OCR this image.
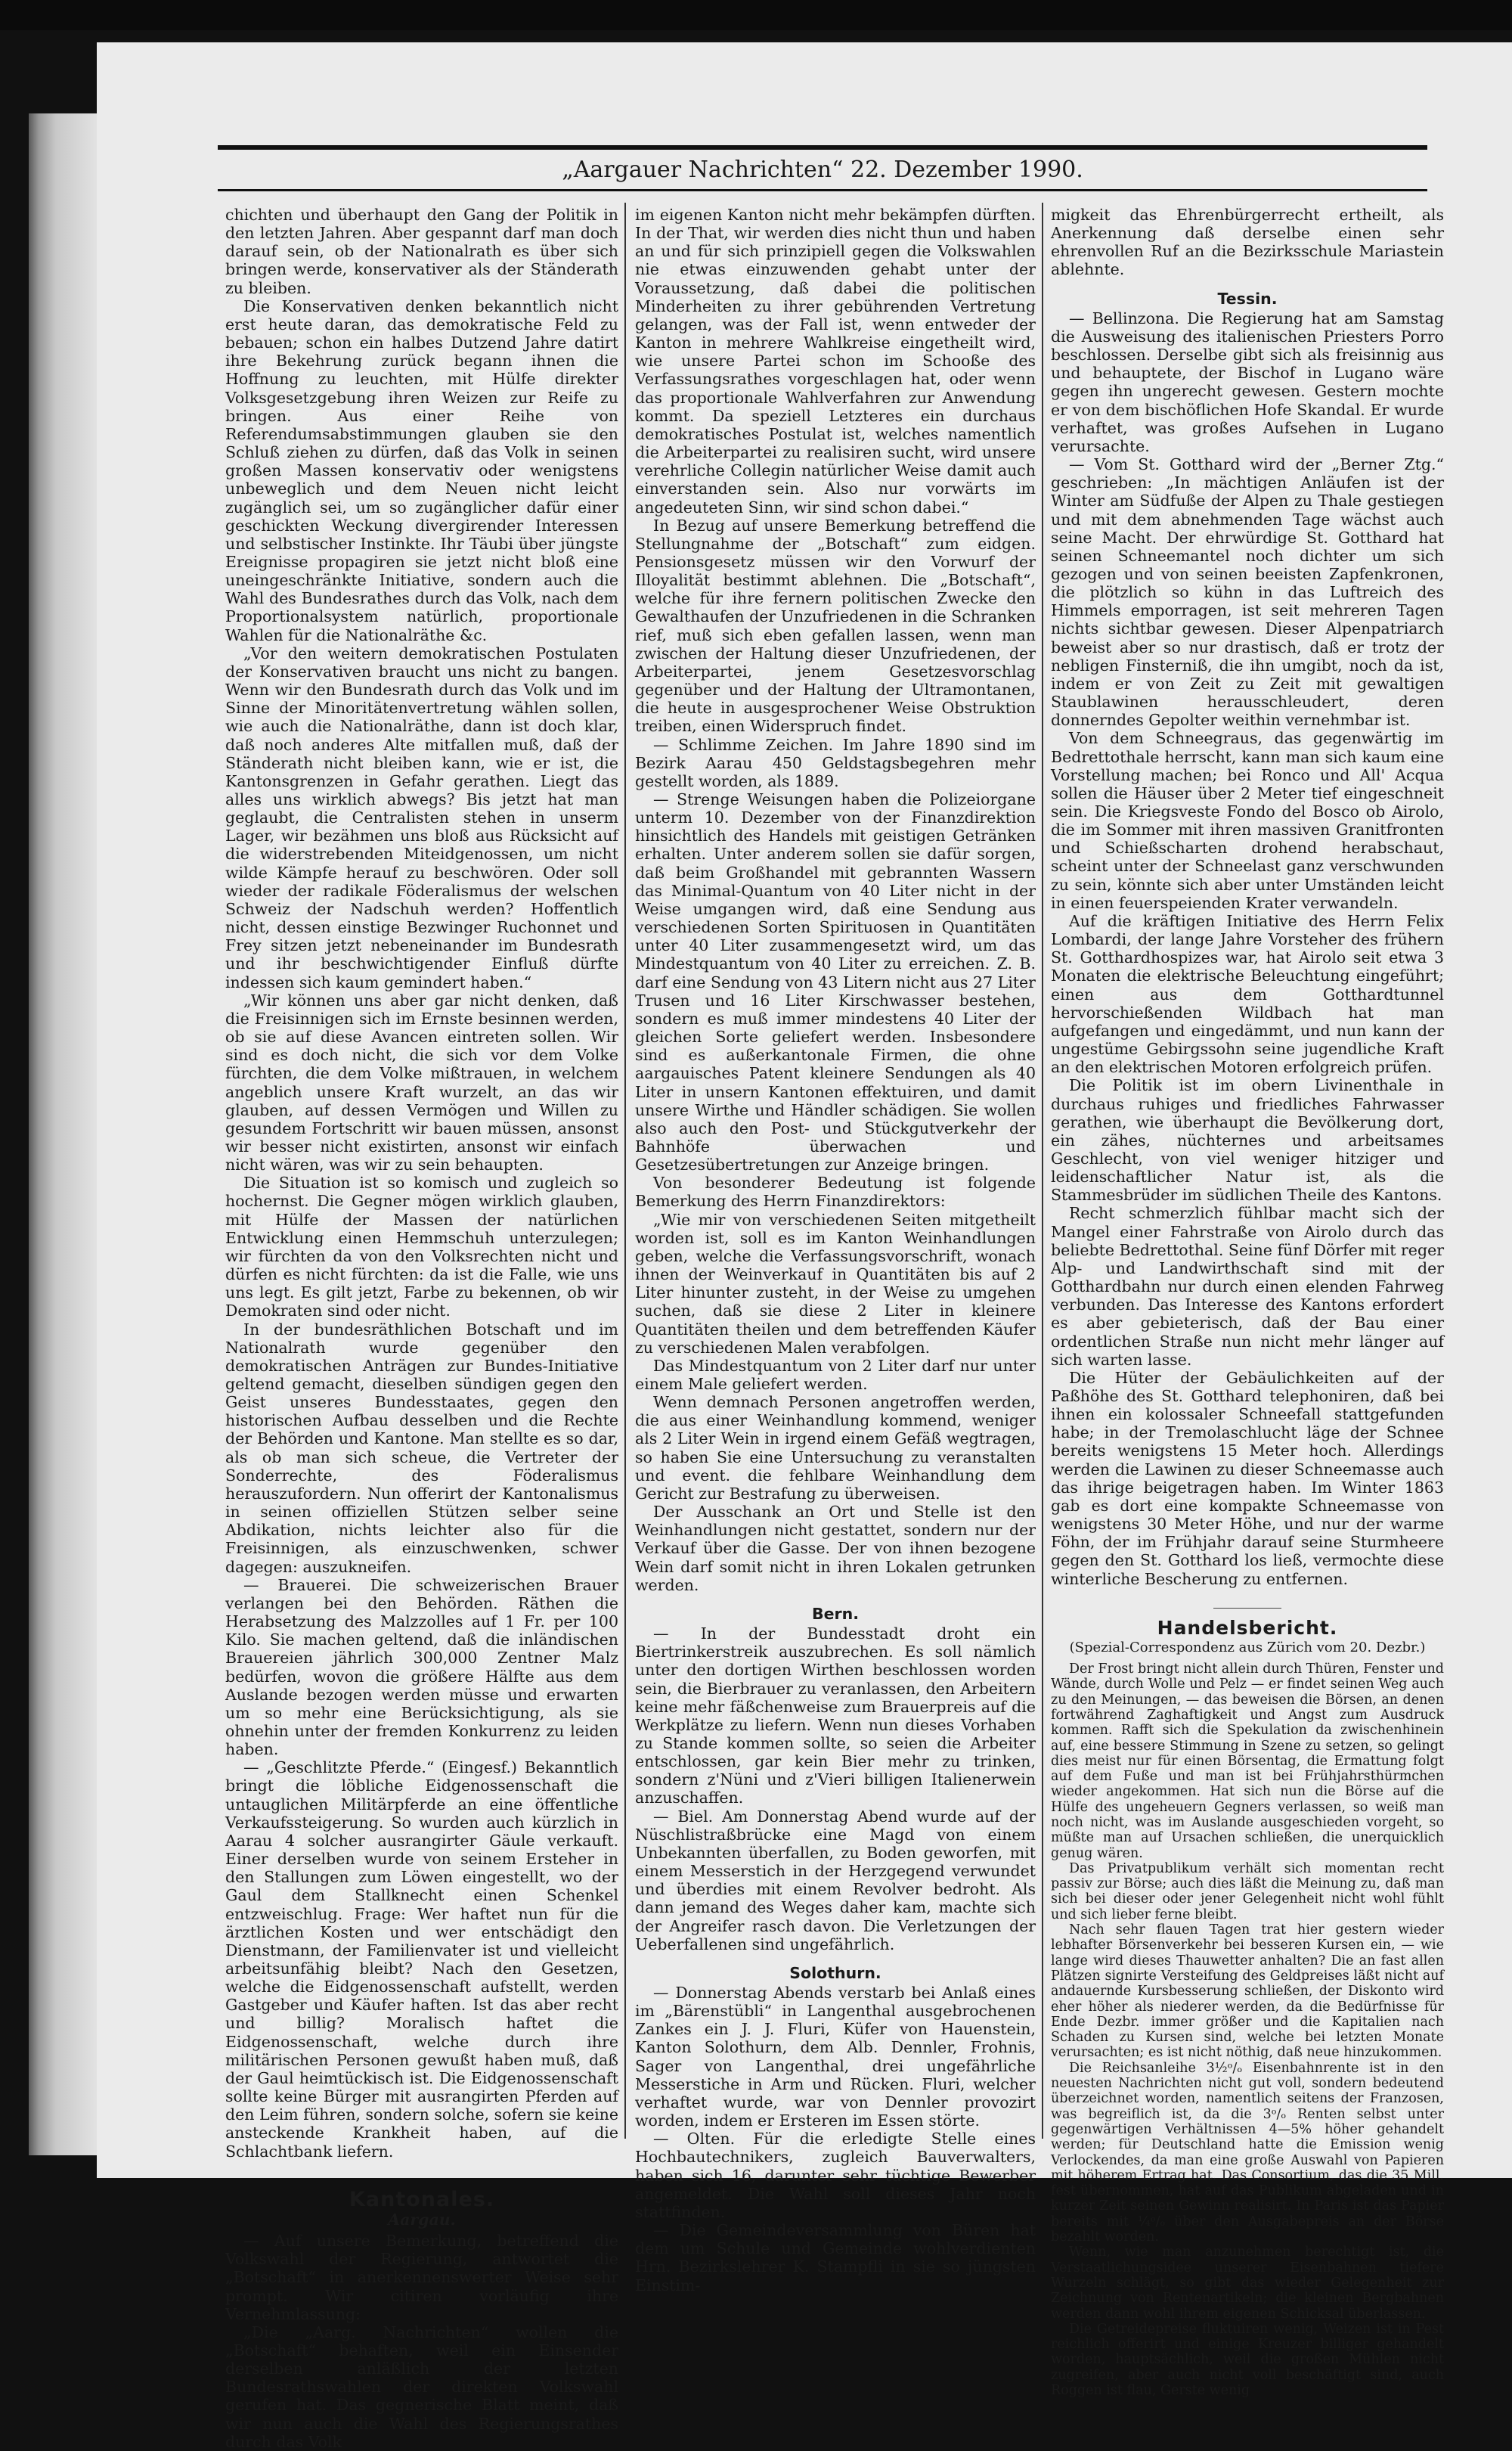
„Aargauer Nachrichten“ 22. Dezember 1990.

chichten und überhaupt den Gang der Politik in den letzten Jahren. Aber gespannt darf man doch darauf sein, ob der Nationalrath es über sich bringen werde, konservativer als der Ständerath zu bleiben.

Die Konservativen denken bekanntlich nicht erst heute daran, das demokratische Feld zu bebauen; schon ein halbes Dutzend Jahre datirt ihre Bekehrung zurück begann ihnen die Hoffnung zu leuchten, mit Hülfe direkter Volksgesetzgebung ihren Weizen zur Reife zu bringen. Aus einer Reihe von Referendumsabstimmungen glauben sie den Schluß ziehen zu dürfen, daß das Volk in seinen großen Massen konservativ oder wenigstens unbeweglich und dem Neuen nicht leicht zugänglich sei, um so zugänglicher dafür einer geschickten Weckung divergirender Interessen und selbstischer Instinkte. Ihr Täubi über jüngste Ereignisse propagiren sie jetzt nicht bloß eine uneingeschränkte Initiative, sondern auch die Wahl des Bundesrathes durch das Volk, nach dem Proportionalsystem natürlich, proportionale Wahlen für die Nationalräthe &c.

„Vor den weitern demokratischen Postulaten der Konservativen braucht uns nicht zu bangen. Wenn wir den Bundesrath durch das Volk und im Sinne der Minoritätenvertretung wählen sollen, wie auch die Nationalräthe, dann ist doch klar, daß noch anderes Alte mitfallen muß, daß der Ständerath nicht bleiben kann, wie er ist, die Kantonsgrenzen in Gefahr gerathen. Liegt das alles uns wirklich abwegs? Bis jetzt hat man geglaubt, die Centralisten stehen in unserm Lager, wir bezähmen uns bloß aus Rücksicht auf die widerstrebenden Miteidgenossen, um nicht wilde Kämpfe herauf zu beschwören. Oder soll wieder der radikale Föderalismus der welschen Schweiz der Nadschuh werden? Hoffentlich nicht, dessen einstige Bezwinger Ruchonnet und Frey sitzen jetzt nebeneinander im Bundesrath und ihr beschwichtigender Einfluß dürfte indessen sich kaum gemindert haben.“

„Wir können uns aber gar nicht denken, daß die Freisinnigen sich im Ernste besinnen werden, ob sie auf diese Avancen eintreten sollen. Wir sind es doch nicht, die sich vor dem Volke fürchten, die dem Volke mißtrauen, in welchem angeblich unsere Kraft wurzelt, an das wir glauben, auf dessen Vermögen und Willen zu gesundem Fortschritt wir bauen müssen, ansonst wir besser nicht existirten, ansonst wir einfach nicht wären, was wir zu sein behaupten.

Die Situation ist so komisch und zugleich so hochernst. Die Gegner mögen wirklich glauben, mit Hülfe der Massen der natürlichen Entwicklung einen Hemmschuh unterzulegen; wir fürchten da von den Volksrechten nicht und dürfen es nicht fürchten: da ist die Falle, wie uns uns legt. Es gilt jetzt, Farbe zu bekennen, ob wir Demokraten sind oder nicht.

In der bundesräthlichen Botschaft und im Nationalrath wurde gegenüber den demokratischen Anträgen zur Bundes-Initiative geltend gemacht, dieselben sündigen gegen den Geist unseres Bundesstaates, gegen den historischen Aufbau desselben und die Rechte der Behörden und Kantone. Man stellte es so dar, als ob man sich scheue, die Vertreter der Sonderrechte, des Föderalismus herauszufordern. Nun offerirt der Kantonalismus in seinen offiziellen Stützen selber seine Abdikation, nichts leichter also für die Freisinnigen, als einzuschwenken, schwer dagegen: auszukneifen.

— Brauerei. Die schweizerischen Brauer verlangen bei den Behörden. Räthen die Herabsetzung des Malzzolles auf 1 Fr. per 100 Kilo. Sie machen geltend, daß die inländischen Brauereien jährlich 300,000 Zentner Malz bedürfen, wovon die größere Hälfte aus dem Auslande bezogen werden müsse und erwarten um so mehr eine Berücksichtigung, als sie ohnehin unter der fremden Konkurrenz zu leiden haben.

— „Geschlitzte Pferde.“ (Eingesf.) Bekanntlich bringt die löbliche Eidgenossenschaft die untauglichen Militärpferde an eine öffentliche Verkaufssteigerung. So wurden auch kürzlich in Aarau 4 solcher ausrangirter Gäule verkauft. Einer derselben wurde von seinem Ersteher in den Stallungen zum Löwen eingestellt, wo der Gaul dem Stallknecht einen Schenkel entzweischlug. Frage: Wer haftet nun für die ärztlichen Kosten und wer entschädigt den Dienstmann, der Familienvater ist und vielleicht arbeitsunfähig bleibt? Nach den Gesetzen, welche die Eidgenossenschaft aufstellt, werden Gastgeber und Käufer haften. Ist das aber recht und billig? Moralisch haftet die Eidgenossenschaft, welche durch ihre militärischen Personen gewußt haben muß, daß der Gaul heimtückisch ist. Die Eidgenossenschaft sollte keine Bürger mit ausrangirten Pferden auf den Leim führen, sondern solche, sofern sie keine ansteckende Krankheit haben, auf die Schlachtbank liefern.

Kantonales.
Aargau.

— Auf unsere Bemerkung, betreffend die Volkswahl der Regierung, antwortet die „Botschaft“ in anerkennenswerter Weise sehr prompt. Wir citiren vorläufig ihre Vernehmlassung:

„Die „Aarg. Nachrichten“ wollen die „Botschaft“ behaften, weil ein Einsender derselben anläßlich der letzten Bundesrathswahlen der direkten Volkswahl gerufen hat. Das gegnerische Blatt meint, daß wir nun auch die Wahl des Regierungsrathes durch das Volk

im eigenen Kanton nicht mehr bekämpfen dürften. In der That, wir werden dies nicht thun und haben an und für sich prinzipiell gegen die Volkswahlen nie etwas einzuwenden gehabt unter der Voraussetzung, daß dabei die politischen Minderheiten zu ihrer gebührenden Vertretung gelangen, was der Fall ist, wenn entweder der Kanton in mehrere Wahlkreise eingetheilt wird, wie unsere Partei schon im Schooße des Verfassungsrathes vorgeschlagen hat, oder wenn das proportionale Wahlverfahren zur Anwendung kommt. Da speziell Letzteres ein durchaus demokratisches Postulat ist, welches namentlich die Arbeiterpartei zu realisiren sucht, wird unsere verehrliche Collegin natürlicher Weise damit auch einverstanden sein. Also nur vorwärts im angedeuteten Sinn, wir sind schon dabei.“

In Bezug auf unsere Bemerkung betreffend die Stellungnahme der „Botschaft“ zum eidgen. Pensionsgesetz müssen wir den Vorwurf der Illoyalität bestimmt ablehnen. Die „Botschaft“, welche für ihre fernern politischen Zwecke den Gewalthaufen der Unzufriedenen in die Schranken rief, muß sich eben gefallen lassen, wenn man zwischen der Haltung dieser Unzufriedenen, der Arbeiterpartei, jenem Gesetzesvorschlag gegenüber und der Haltung der Ultramontanen, die heute in ausgesprochener Weise Obstruktion treiben, einen Widerspruch findet.

— Schlimme Zeichen. Im Jahre 1890 sind im Bezirk Aarau 450 Geldstagsbegehren mehr gestellt worden, als 1889.

— Strenge Weisungen haben die Polizeiorgane unterm 10. Dezember von der Finanzdirektion hinsichtlich des Handels mit geistigen Getränken erhalten. Unter anderem sollen sie dafür sorgen, daß beim Großhandel mit gebrannten Wassern das Minimal-Quantum von 40 Liter nicht in der Weise umgangen wird, daß eine Sendung aus verschiedenen Sorten Spirituosen in Quantitäten unter 40 Liter zusammengesetzt wird, um das Mindestquantum von 40 Liter zu erreichen. Z. B. darf eine Sendung von 43 Litern nicht aus 27 Liter Trusen und 16 Liter Kirschwasser bestehen, sondern es muß immer mindestens 40 Liter der gleichen Sorte geliefert werden. Insbesondere sind es außerkantonale Firmen, die ohne aargauisches Patent kleinere Sendungen als 40 Liter in unsern Kantonen effektuiren, und damit unsere Wirthe und Händler schädigen. Sie wollen also auch den Post- und Stückgutverkehr der Bahnhöfe überwachen und Gesetzesübertretungen zur Anzeige bringen.

Von besonderer Bedeutung ist folgende Bemerkung des Herrn Finanzdirektors:

„Wie mir von verschiedenen Seiten mitgetheilt worden ist, soll es im Kanton Weinhandlungen geben, welche die Verfassungsvorschrift, wonach ihnen der Weinverkauf in Quantitäten bis auf 2 Liter hinunter zusteht, in der Weise zu umgehen suchen, daß sie diese 2 Liter in kleinere Quantitäten theilen und dem betreffenden Käufer zu verschiedenen Malen verabfolgen.

Das Mindestquantum von 2 Liter darf nur unter einem Male geliefert werden.

Wenn demnach Personen angetroffen werden, die aus einer Weinhandlung kommend, weniger als 2 Liter Wein in irgend einem Gefäß wegtragen, so haben Sie eine Untersuchung zu veranstalten und event. die fehlbare Weinhandlung dem Gericht zur Bestrafung zu überweisen.

Der Ausschank an Ort und Stelle ist den Weinhandlungen nicht gestattet, sondern nur der Verkauf über die Gasse. Der von ihnen bezogene Wein darf somit nicht in ihren Lokalen getrunken werden.

Bern.

— In der Bundesstadt droht ein Biertrinkerstreik auszubrechen. Es soll nämlich unter den dortigen Wirthen beschlossen worden sein, die Bierbrauer zu veranlassen, den Arbeitern keine mehr fäßchenweise zum Brauerpreis auf die Werkplätze zu liefern. Wenn nun dieses Vorhaben zu Stande kommen sollte, so seien die Arbeiter entschlossen, gar kein Bier mehr zu trinken, sondern z'Nüni und z'Vieri billigen Italienerwein anzuschaffen.

— Biel. Am Donnerstag Abend wurde auf der Nüschlistraßbrücke eine Magd von einem Unbekannten überfallen, zu Boden geworfen, mit einem Messerstich in der Herzgegend verwundet und überdies mit einem Revolver bedroht. Als dann jemand des Weges daher kam, machte sich der Angreifer rasch davon. Die Verletzungen der Ueberfallenen sind ungefährlich.

Solothurn.

— Donnerstag Abends verstarb bei Anlaß eines im „Bärenstübli“ in Langenthal ausgebrochenen Zankes ein J. J. Fluri, Küfer von Hauenstein, Kanton Solothurn, dem Alb. Dennler, Frohnis, Sager von Langenthal, drei ungefährliche Messerstiche in Arm und Rücken. Fluri, welcher verhaftet wurde, war von Dennler provozirt worden, indem er Ersteren im Essen störte.

— Olten. Für die erledigte Stelle eines Hochbautechnikers, zugleich Bauverwalters, haben sich 16, darunter sehr tüchtige Bewerber angemeldet. Die Wahl soll dieses Jahr noch stattfinden.

— Die Gemeindeversammlung von Büren hat dem um Schule und Gemeinde wohlverdienten Hrn. Bezirkslehrer K. Stampfli in sie so jüngsten Einstim-

migkeit das Ehrenbürgerrecht ertheilt, als Anerkennung daß derselbe einen sehr ehrenvollen Ruf an die Bezirksschule Mariastein ablehnte.

Tessin.

— Bellinzona. Die Regierung hat am Samstag die Ausweisung des italienischen Priesters Porro beschlossen. Derselbe gibt sich als freisinnig aus und behauptete, der Bischof in Lugano wäre gegen ihn ungerecht gewesen. Gestern mochte er von dem bischöflichen Hofe Skandal. Er wurde verhaftet, was großes Aufsehen in Lugano verursachte.

— Vom St. Gotthard wird der „Berner Ztg.“ geschrieben: „In mächtigen Anläufen ist der Winter am Südfuße der Alpen zu Thale gestiegen und mit dem abnehmenden Tage wächst auch seine Macht. Der ehrwürdige St. Gotthard hat seinen Schneemantel noch dichter um sich gezogen und von seinen beeisten Zapfenkronen, die plötzlich so kühn in das Luftreich des Himmels emporragen, ist seit mehreren Tagen nichts sichtbar gewesen. Dieser Alpenpatriarch beweist aber so nur drastisch, daß er trotz der nebligen Finsterniß, die ihn umgibt, noch da ist, indem er von Zeit zu Zeit mit gewaltigen Staublawinen herausschleudert, deren donnerndes Gepolter weithin vernehmbar ist.

Von dem Schneegraus, das gegenwärtig im Bedrettothale herrscht, kann man sich kaum eine Vorstellung machen; bei Ronco und All' Acqua sollen die Häuser über 2 Meter tief eingeschneit sein. Die Kriegsveste Fondo del Bosco ob Airolo, die im Sommer mit ihren massiven Granitfronten und Schießscharten drohend herabschaut, scheint unter der Schneelast ganz verschwunden zu sein, könnte sich aber unter Umständen leicht in einen feuerspeienden Krater verwandeln.

Auf die kräftigen Initiative des Herrn Felix Lombardi, der lange Jahre Vorsteher des frühern St. Gotthardhospizes war, hat Airolo seit etwa 3 Monaten die elektrische Beleuchtung eingeführt; einen aus dem Gotthardtunnel hervorschießenden Wildbach hat man aufgefangen und eingedämmt, und nun kann der ungestüme Gebirgssohn seine jugendliche Kraft an den elektrischen Motoren erfolgreich prüfen.

Die Politik ist im obern Livinenthale in durchaus ruhiges und friedliches Fahrwasser gerathen, wie überhaupt die Bevölkerung dort, ein zähes, nüchternes und arbeitsames Geschlecht, von viel weniger hitziger und leidenschaftlicher Natur ist, als die Stammesbrüder im südlichen Theile des Kantons.

Recht schmerzlich fühlbar macht sich der Mangel einer Fahrstraße von Airolo durch das beliebte Bedrettothal. Seine fünf Dörfer mit reger Alp- und Landwirthschaft sind mit der Gotthardbahn nur durch einen elenden Fahrweg verbunden. Das Interesse des Kantons erfordert es aber gebieterisch, daß der Bau einer ordentlichen Straße nun nicht mehr länger auf sich warten lasse.

Die Hüter der Gebäulichkeiten auf der Paßhöhe des St. Gotthard telephoniren, daß bei ihnen ein kolossaler Schneefall stattgefunden habe; in der Tremolaschlucht läge der Schnee bereits wenigstens 15 Meter hoch. Allerdings werden die Lawinen zu dieser Schneemasse auch das ihrige beigetragen haben. Im Winter 1863 gab es dort eine kompakte Schneemasse von wenigstens 30 Meter Höhe, und nur der warme Föhn, der im Frühjahr darauf seine Sturmheere gegen den St. Gotthard los ließ, vermochte diese winterliche Bescherung zu entfernen.

Handelsbericht.
(Spezial-Correspondenz aus Zürich vom 20. Dezbr.)

Der Frost bringt nicht allein durch Thüren, Fenster und Wände, durch Wolle und Pelz — er findet seinen Weg auch zu den Meinungen, — das beweisen die Börsen, an denen fortwährend Zaghaftigkeit und Angst zum Ausdruck kommen. Rafft sich die Spekulation da zwischenhinein auf, eine bessere Stimmung in Szene zu setzen, so gelingt dies meist nur für einen Börsentag, die Ermattung folgt auf dem Fuße und man ist bei Frühjahrsthürmchen wieder angekommen. Hat sich nun die Börse auf die Hülfe des ungeheuern Gegners verlassen, so weiß man noch nicht, was im Auslande ausgeschieden vorgeht, so müßte man auf Ursachen schließen, die unerquicklich genug wären.

Das Privatpublikum verhält sich momentan recht passiv zur Börse; auch dies läßt die Meinung zu, daß man sich bei dieser oder jener Gelegenheit nicht wohl fühlt und sich lieber ferne bleibt.

Nach sehr flauen Tagen trat hier gestern wieder lebhafter Börsenverkehr bei besseren Kursen ein, — wie lange wird dieses Thauwetter anhalten? Die an fast allen Plätzen signirte Versteifung des Geldpreises läßt nicht auf andauernde Kursbesserung schließen, der Diskonto wird eher höher als niederer werden, da die Bedürfnisse für Ende Dezbr. immer größer und die Kapitalien nach Schaden zu Kursen sind, welche bei letzten Monate verursachten; es ist nicht nöthig, daß neue hinzukommen.

Die Reichsanleihe 3⅟₂ᵒ/ₒ Eisenbahnrente ist in den neuesten Nachrichten nicht gut voll, sondern bedeutend überzeichnet worden, namentlich seitens der Franzosen, was begreiflich ist, da die 3ᵒ/ₒ Renten selbst unter gegenwärtigen Verhältnissen 4—5% höher gehandelt werden; für Deutschland hatte die Emission wenig Verlockendes, da man eine große Auswahl von Papieren mit höherem Ertrag hat. Das Consortium, das die 35 Mill. fest übernommen, hat auf das Publikum abgeladen und in kurzer Zeit seinen Gewinn realisirt. In Paris ist das Papier bereits mit ¼ᵒ/ₒ über den Ausgabepreis an der Börse bezahlt worden.

Wenn, wie man anzunehmen berechtigt ist, die Verstaatlichungsidee unserer Eisenbahnen tiefere Wurzeln schlägt, so gibt das wieder Gelegenheit zur Zeichnung von Rentenartikeln; die kleinen Bergbahnen werden dann wohl ihrem eigenen Schicksal überlassen.

Die Getreidepreise fluktuiren wenig, Weizen ist in Pest reichlich offerirt und einige Kreuzer billiger gehandelt worden, hauptsächlich, weil die großen Mühlen nicht zugreifen, aber auch nicht voll beschäftigt sind, auch Roggen ist flau, Gerste wenig
